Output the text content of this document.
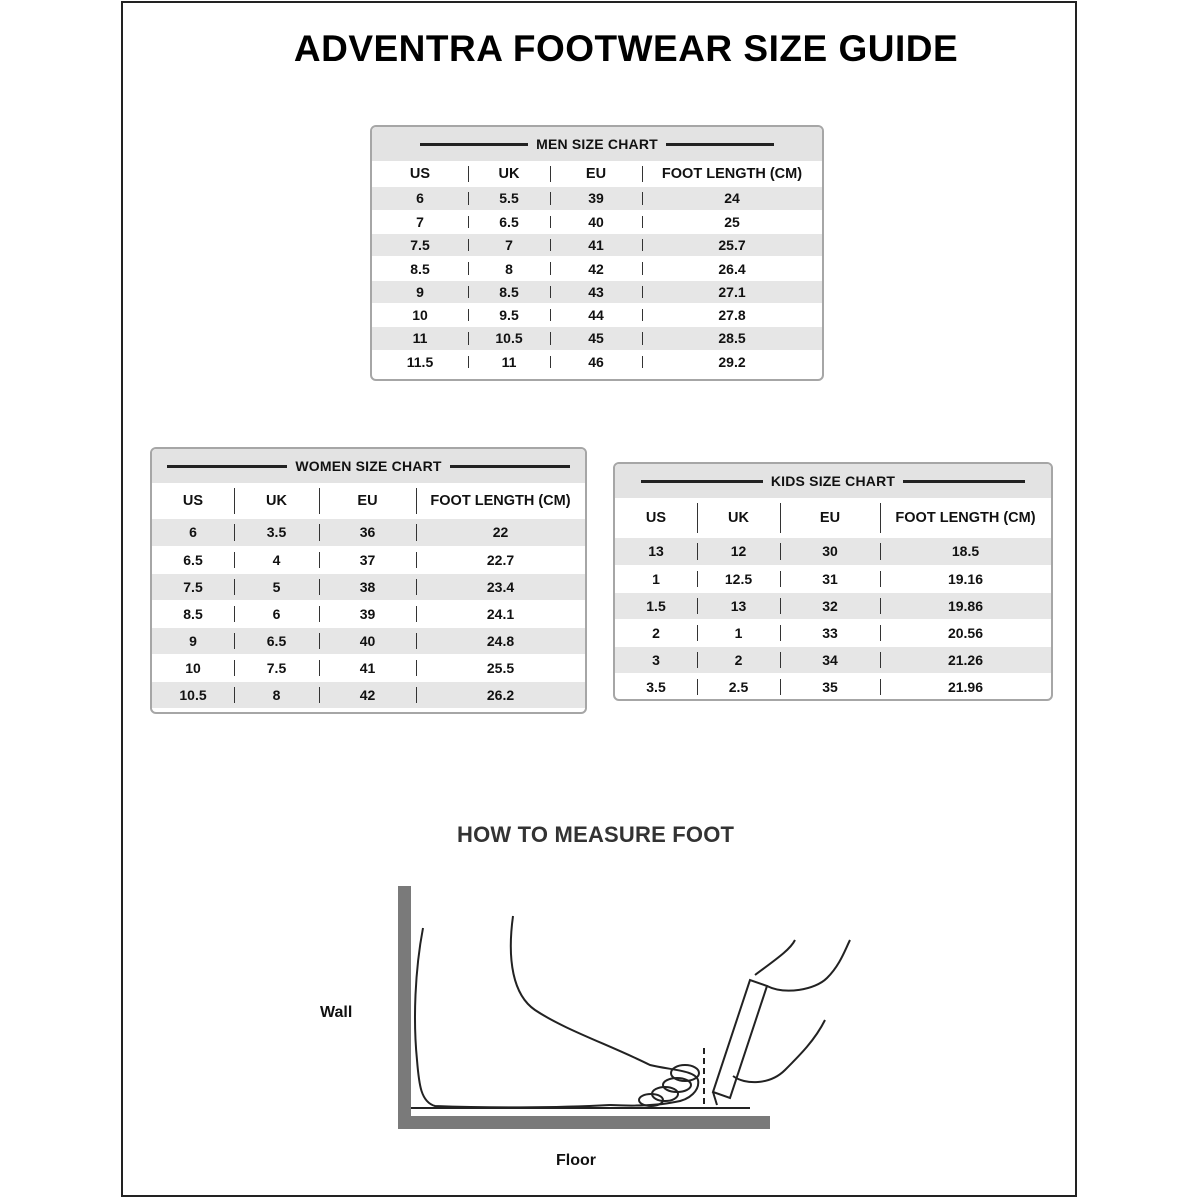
ADVENTRA FOOTWEAR SIZE GUIDE
MEN SIZE CHART
US	UK	EU	FOOT LENGTH (CM)
6	5.5	39	24
7	6.5	40	25
7.5	7	41	25.7
8.5	8	42	26.4
9	8.5	43	27.1
10	9.5	44	27.8
11	10.5	45	28.5
11.5	11	46	29.2
WOMEN SIZE CHART
US	UK	EU	FOOT LENGTH (CM)
6	3.5	36	22
6.5	4	37	22.7
7.5	5	38	23.4
8.5	6	39	24.1
9	6.5	40	24.8
10	7.5	41	25.5
10.5	8	42	26.2
KIDS SIZE CHART
US	UK	EU	FOOT LENGTH (CM)
13	12	30	18.5
1	12.5	31	19.16
1.5	13	32	19.86
2	1	33	20.56
3	2	34	21.26
3.5	2.5	35	21.96
HOW TO MEASURE FOOT
Wall
Floor
